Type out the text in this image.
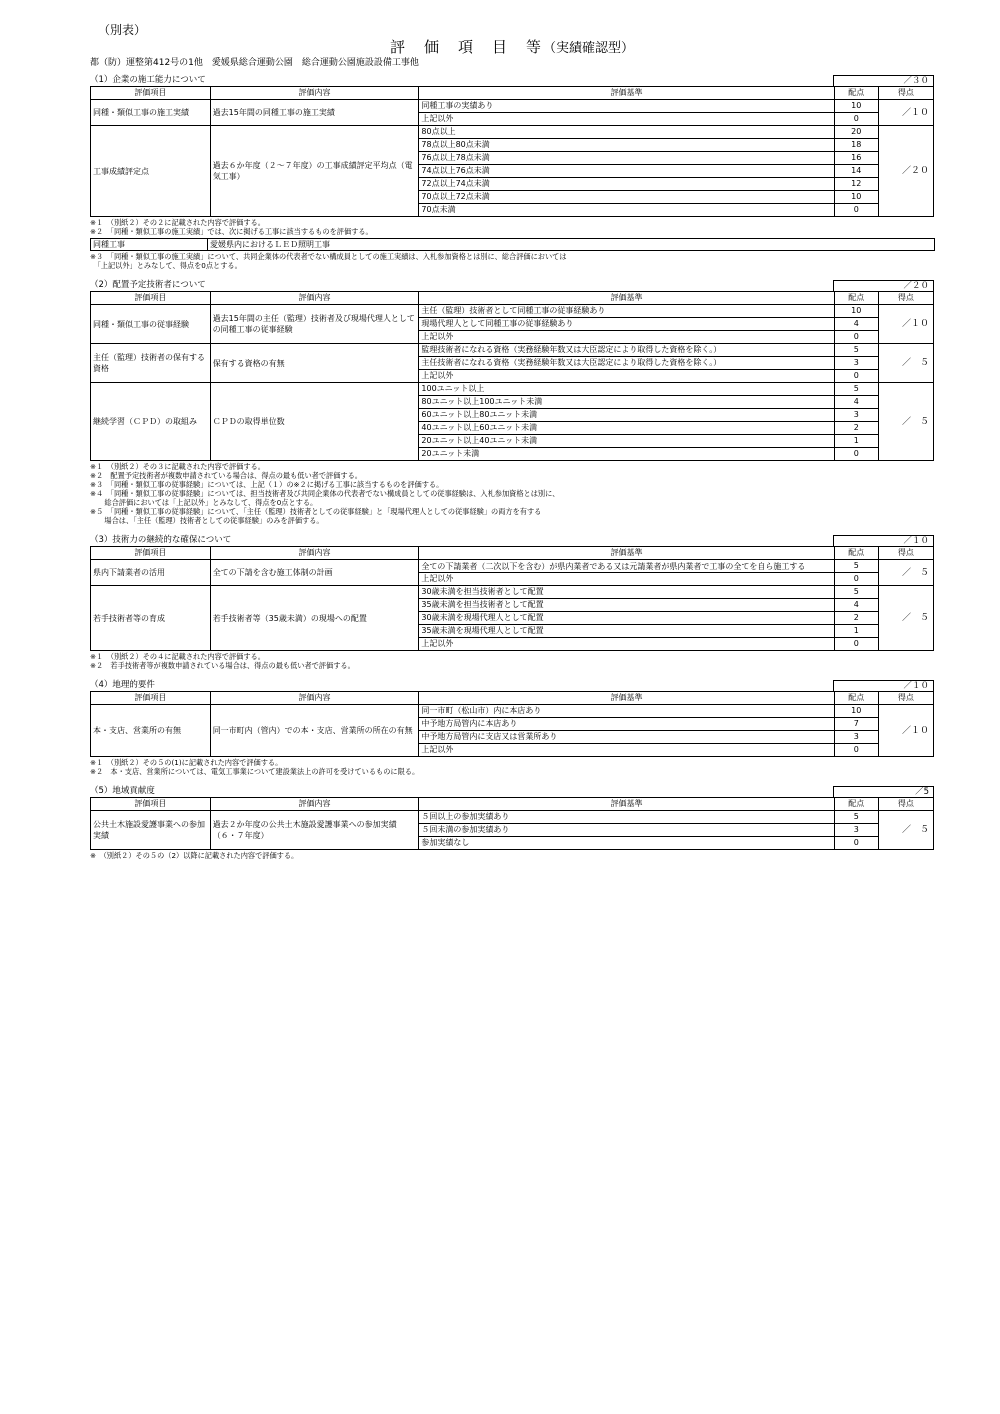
（別表）
評　価　項　目　等（実績確認型）
都（防）運整第412号の1他　愛媛県総合運動公園　総合運動公園施設設備工事他
（1）企業の施工能力について	／３０
評価項目	評価内容	評価基準	配点	得点
同種・類似工事の施工実績	過去15年間の同種工事の施工実績	同種工事の実績あり	10	／１０
		上記以外	0	
工事成績評定点	過去６か年度（２～７年度）の工事成績評定平均点（電気工事）	80点以上	20	／２０
		78点以上80点未満	18	
		76点以上78点未満	16	
		74点以上76点未満	14	
		72点以上74点未満	12	
		70点以上72点未満	10	
		70点未満	0	
※１　（別紙２）その２に記載された内容で評価する。
※２　「同種・類似工事の施工実績」では、次に掲げる工事に該当するものを評価する。
同種工事	愛媛県内におけるＬＥＤ照明工事
※３　「同種・類似工事の施工実績」について、共同企業体の代表者でない構成員としての施工実績は、入札参加資格とは別に、総合評価においては
　「上記以外」とみなして、得点を0点とする。
（2）配置予定技術者について	／２０
評価項目	評価内容	評価基準	配点	得点
同種・類似工事の従事経験	過去15年間の主任（監理）技術者及び現場代理人としての同種工事の従事経験	主任（監理）技術者として同種工事の従事経験あり	10	／１０
		現場代理人として同種工事の従事経験あり	4	
		上記以外	0	
主任（監理）技術者の保有する資格	保有する資格の有無	監理技術者になれる資格（実務経験年数又は大臣認定により取得した資格を除く。）	5	／　５
		主任技術者になれる資格（実務経験年数又は大臣認定により取得した資格を除く。）	3	
		上記以外	0	
継続学習（ＣＰＤ）の取組み	ＣＰＤの取得単位数	100ユニット以上	5	／　５
		80ユニット以上100ユニット未満	4	
		60ユニット以上80ユニット未満	3	
		40ユニット以上60ユニット未満	2	
		20ユニット以上40ユニット未満	1	
		20ユニット未満	0	
※１　（別紙２）その３に記載された内容で評価する。
※２　配置予定技術者が複数申請されている場合は、得点の最も低い者で評価する。
※３　「同種・類似工事の従事経験」については、上記（１）の※２に掲げる工事に該当するものを評価する。
※４　「同種・類似工事の従事経験」については、担当技術者及び共同企業体の代表者でない構成員としての従事経験は、入札参加資格とは別に、
　　総合評価においては「上記以外」とみなして、得点を0点とする。
※５　「同種・類似工事の従事経験」について、「主任（監理）技術者としての従事経験」と「現場代理人としての従事経験」の両方を有する
　　場合は、「主任（監理）技術者としての従事経験」のみを評価する。
（3）技術力の継続的な確保について	／１０
評価項目	評価内容	評価基準	配点	得点
県内下請業者の活用	全ての下請を含む施工体制の計画	全ての下請業者（二次以下を含む）が県内業者である又は元請業者が県内業者で工事の全てを自ら施工する	5	／　５
		上記以外	0	
若手技術者等の育成	若手技術者等（35歳未満）の現場への配置	30歳未満を担当技術者として配置	5	／　５
		35歳未満を担当技術者として配置	4	
		30歳未満を現場代理人として配置	2	
		35歳未満を現場代理人として配置	1	
		上記以外	0	
※１　（別紙２）その４に記載された内容で評価する。
※２　若手技術者等が複数申請されている場合は、得点の最も低い者で評価する。
（4）地理的要件	／１０
評価項目	評価内容	評価基準	配点	得点
本・支店、営業所の有無	同一市町内（管内）での本・支店、営業所の所在の有無	同一市町（松山市）内に本店あり	10	／１０
		中予地方局管内に本店あり	7	
		中予地方局管内に支店又は営業所あり	3	
		上記以外	0	
※１　（別紙２）その５の(1)に記載された内容で評価する。
※２　本・支店、営業所については、電気工事業について建設業法上の許可を受けているものに限る。
（5）地域貢献度	／5
評価項目	評価内容	評価基準	配点	得点
公共土木施設愛護事業への参加実績	過去２か年度の公共土木施設愛護事業への参加実績（６・７年度）	５回以上の参加実績あり	5	／　５
		５回未満の参加実績あり	3	
		参加実績なし	0	
※　（別紙２）その５の（2）以降に記載された内容で評価する。
